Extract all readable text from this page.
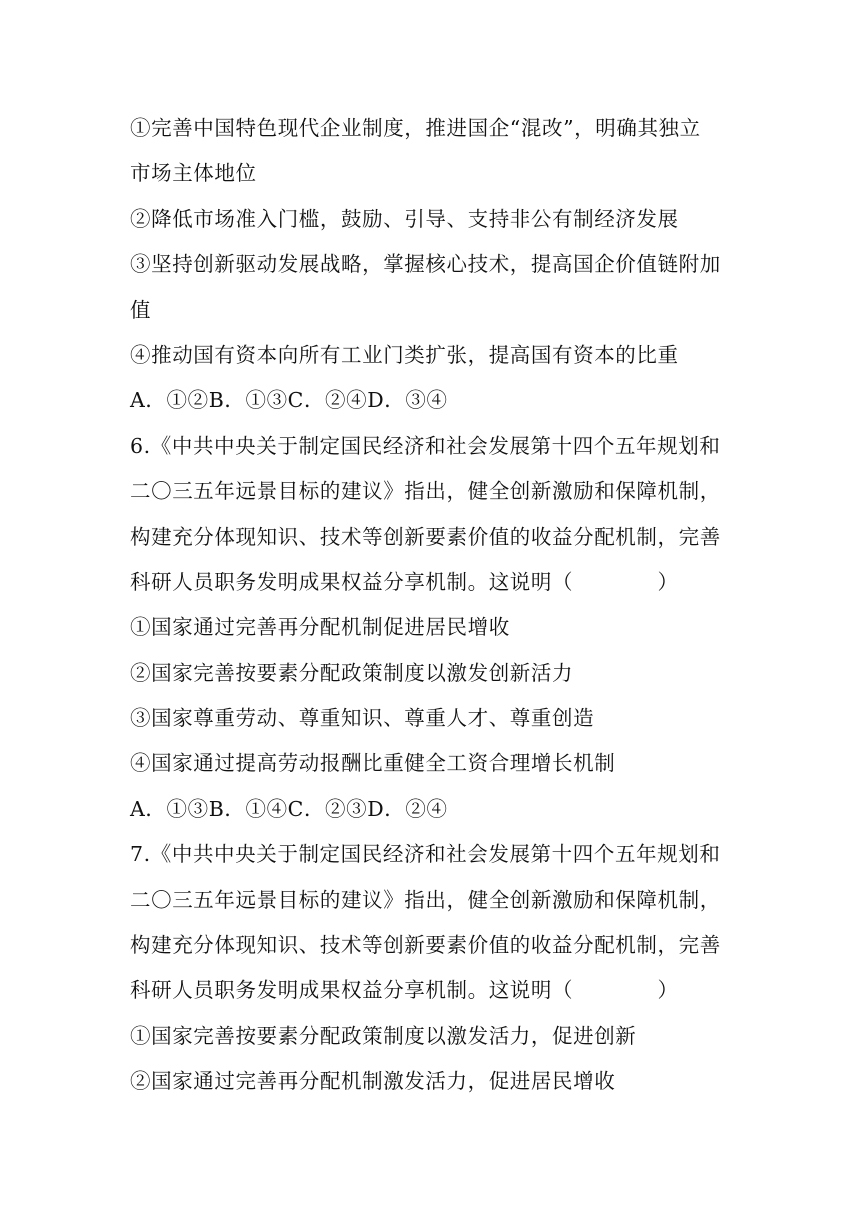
①完善中国特色现代企业制度，推进国企“混改”，明确其独立
市场主体地位
②降低市场准入门槛，鼓励、引导、支持非公有制经济发展
③坚持创新驱动发展战略，掌握核心技术，提高国企价值链附加
值
④推动国有资本向所有工业门类扩张，提高国有资本的比重
A．①②B．①③C．②④D．③④
6.《中共中央关于制定国民经济和社会发展第十四个五年规划和
二〇三五年远景目标的建议》指出，健全创新激励和保障机制，
构建充分体现知识、技术等创新要素价值的收益分配机制，完善
科研人员职务发明成果权益分享机制。这说明（　　　　）
①国家通过完善再分配机制促进居民增收
②国家完善按要素分配政策制度以激发创新活力
③国家尊重劳动、尊重知识、尊重人才、尊重创造
④国家通过提高劳动报酬比重健全工资合理增长机制
A．①③B．①④C．②③D．②④
7.《中共中央关于制定国民经济和社会发展第十四个五年规划和
二〇三五年远景目标的建议》指出，健全创新激励和保障机制，
构建充分体现知识、技术等创新要素价值的收益分配机制，完善
科研人员职务发明成果权益分享机制。这说明（　　　　）
①国家完善按要素分配政策制度以激发活力，促进创新
②国家通过完善再分配机制激发活力，促进居民增收
